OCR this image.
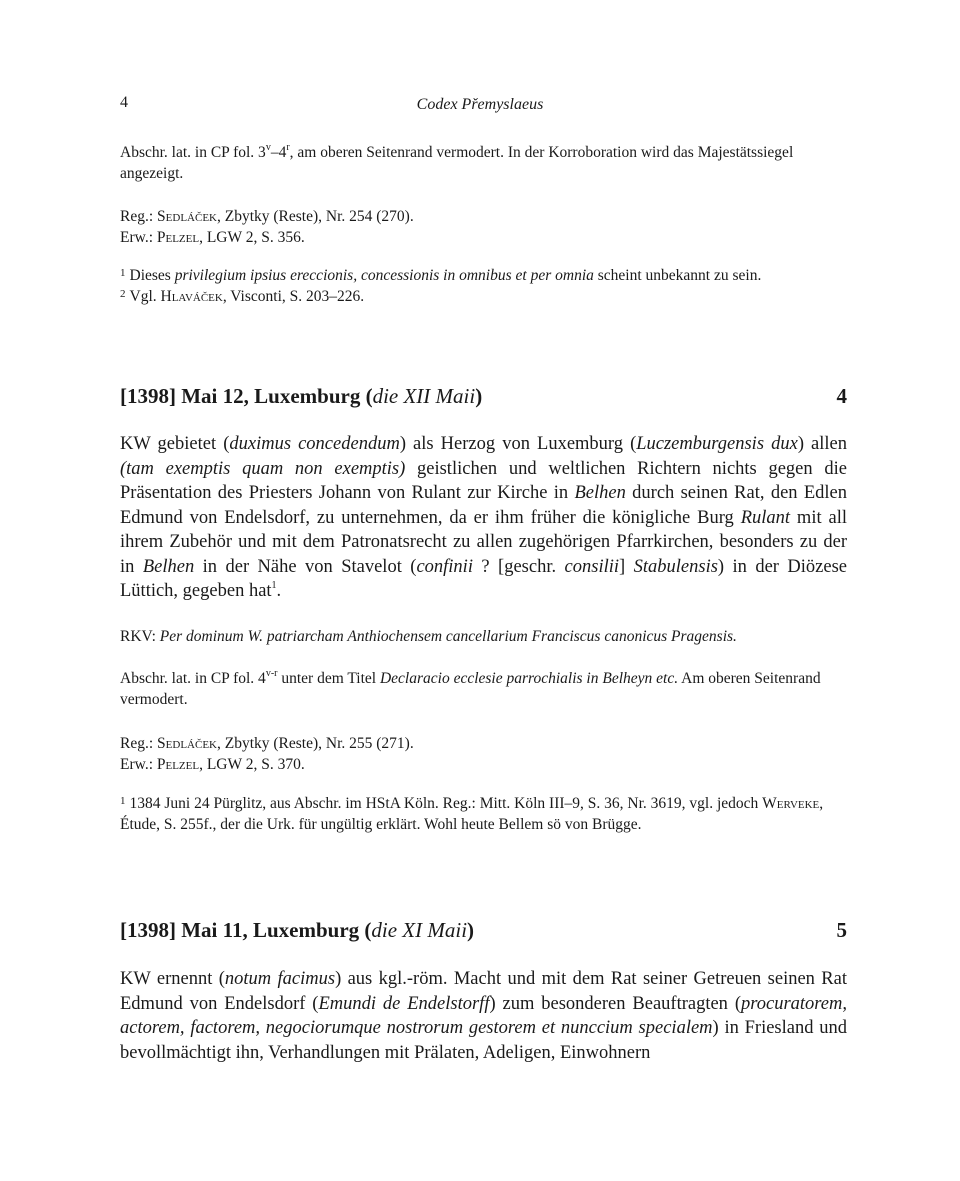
4	Codex Přemyslaeus

Abschr. lat. in CP fol. 3$^v$–4$^r$, am oberen Seitenrand vermodert. In der Korroboration wird das Majestätssiegel angezeigt.

Reg.: Sedláček, Zbytky (Reste), Nr. 254 (270).
Erw.: Pelzel, LGW 2, S. 356.
$^1$ Dieses privilegium ipsius ereccionis, concessionis in omnibus et per omnia scheint unbekannt zu sein.
$^2$ Vgl. Hlaváček, Visconti, S. 203–226.
[1398] Mai 12, Luxemburg (die XII Maii)	4

KW gebietet (duximus concedendum) als Herzog von Luxemburg (Luczemburgensis dux) allen (tam exemptis quam non exemptis) geistlichen und weltlichen Richtern nichts gegen die Präsentation des Priesters Johann von Rulant zur Kirche in Belhen durch seinen Rat, den Edlen Edmund von Endelsdorf, zu unternehmen, da er ihm früher die königliche Burg Rulant mit all ihrem Zubehör und mit dem Patronatsrecht zu allen zugehörigen Pfarrkirchen, besonders zu der in Belhen in der Nähe von Stavelot (confinii ? [geschr. consilii] Stabulensis) in der Diözese Lüttich, gegeben hat$^1$.

RKV: Per dominum W. patriarcham Anthiochensem cancellarium Franciscus canonicus Pragensis.

Abschr. lat. in CP fol. 4$^{v-r}$ unter dem Titel Declaracio ecclesie parrochialis in Belheyn etc. Am oberen Seitenrand vermodert.

Reg.: Sedláček, Zbytky (Reste), Nr. 255 (271).
Erw.: Pelzel, LGW 2, S. 370.

$^1$ 1384 Juni 24 Pürglitz, aus Abschr. im HStA Köln. Reg.: Mitt. Köln III–9, S. 36, Nr. 3619, vgl. jedoch Werveke, Étude, S. 255f., der die Urk. für ungültig erklärt. Wohl heute Bellem sö von Brügge.

[1398] Mai 11, Luxemburg (die XI Maii)	5

KW ernennt (notum facimus) aus kgl.-röm. Macht und mit dem Rat seiner Getreuen seinen Rat Edmund von Endelsdorf (Emundi de Endelstorff) zum besonderen Beauftragten (procuratorem, actorem, factorem, negociorumque nostrorum gestorem et nunccium specialem) in Friesland und bevollmächtigt ihn, Verhandlungen mit Prälaten, Adeligen, Einwohnern
